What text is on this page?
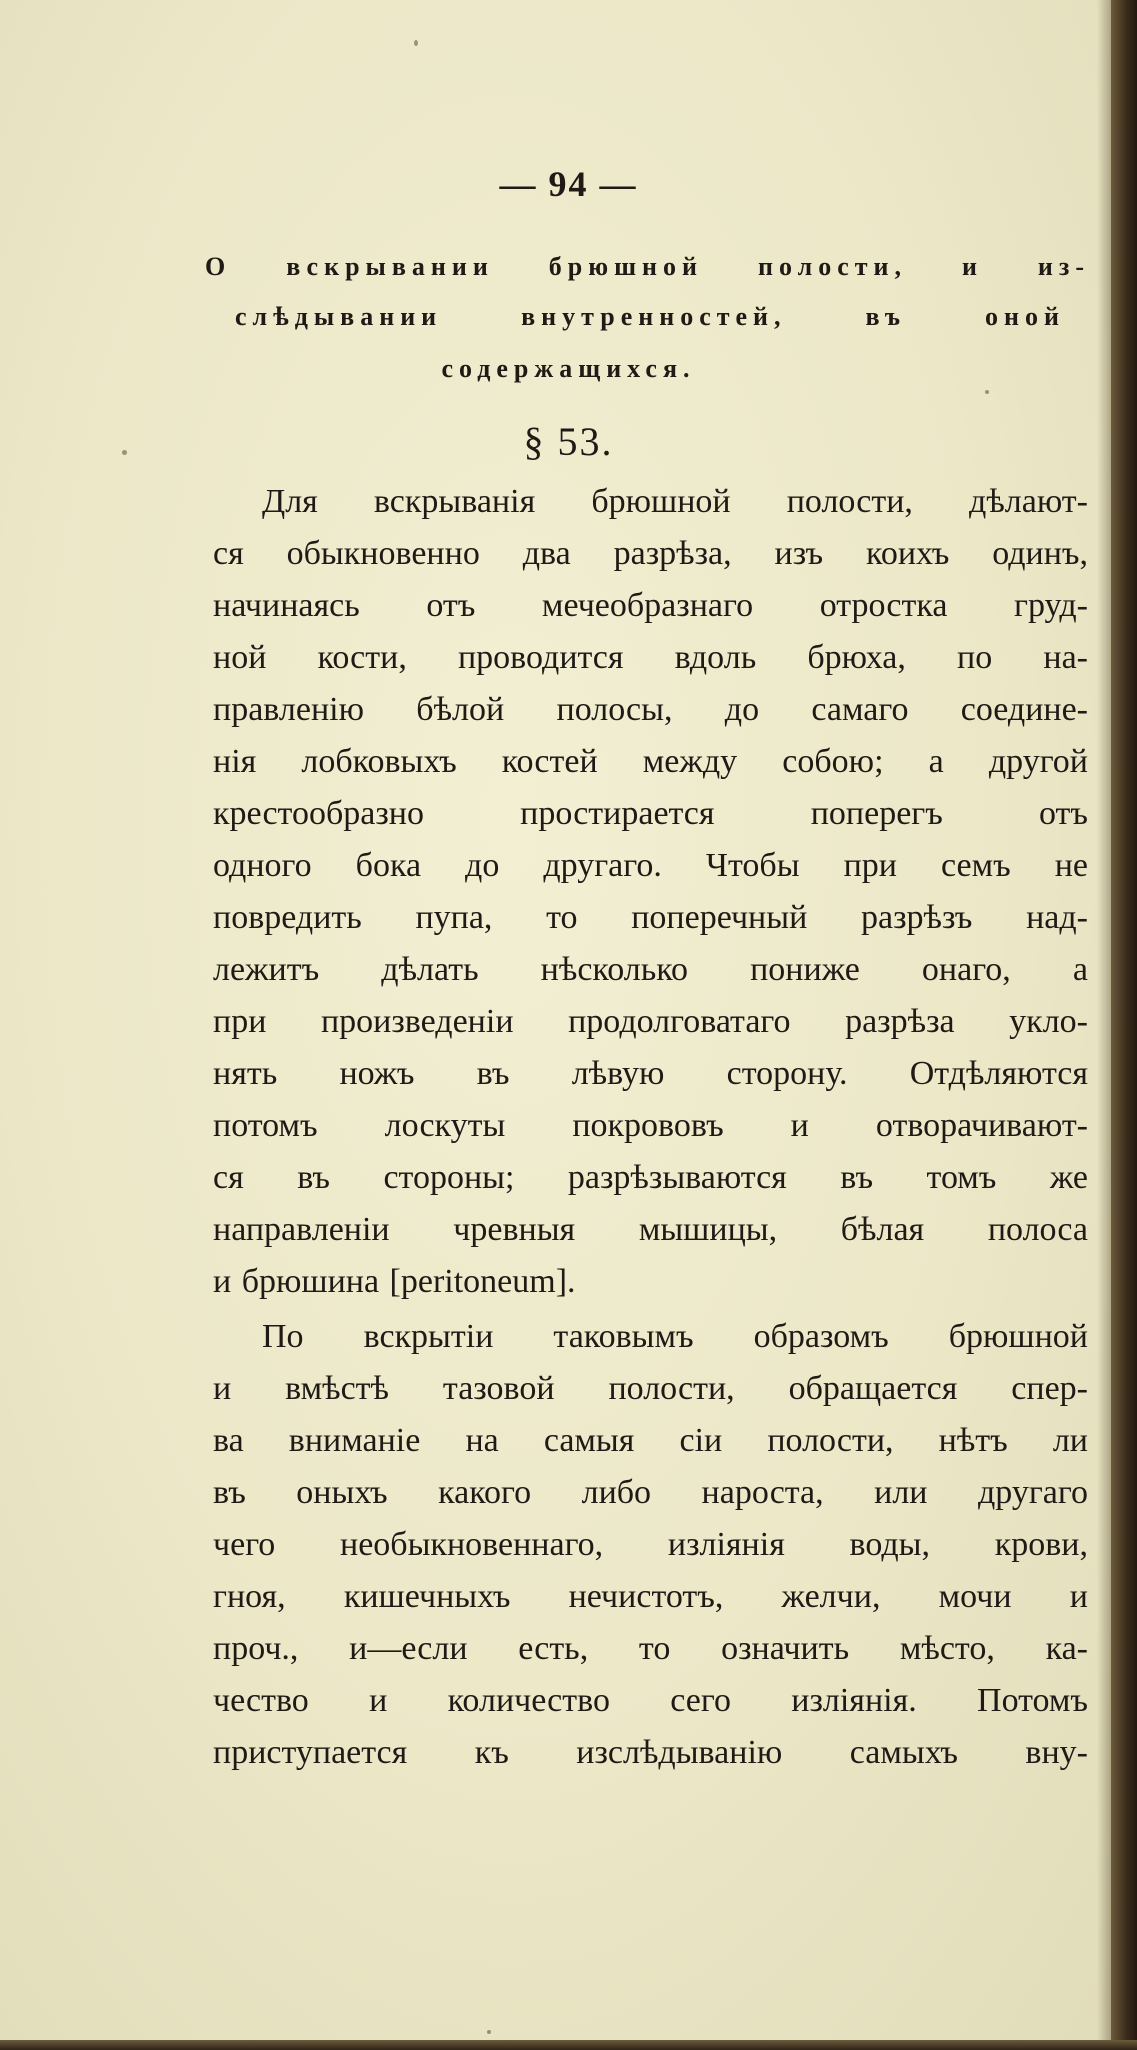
— 94 —
О вскрывании брюшной полости, и из-
слѣдывании внутренностей, въ оной
содержащихся.
§ 53.
Для вскрыванія брюшной полости, дѣлают-
ся обыкновенно два разрѣза, изъ коихъ одинъ,
начинаясь отъ мечеобразнаго отростка груд-
ной кости, проводится вдоль брюха, по на-
правленію бѣлой полосы, до самаго соедине-
нія лобковыхъ костей между собою; а другой
крестообразно простирается поперегъ отъ
одного бока до другаго. Чтобы при семъ не
повредить пупа, то поперечный разрѣзъ над-
лежитъ дѣлать нѣсколько пониже онаго, а
при произведеніи продолговатаго разрѣза укло-
нять ножъ въ лѣвую сторону. Отдѣляются
потомъ лоскуты покрововъ и отворачивают-
ся въ стороны; разрѣзываются въ томъ же
направленіи чревныя мышицы, бѣлая полоса
и брюшина [peritoneum].
По вскрытіи таковымъ образомъ брюшной
и вмѣстѣ тазовой полости, обращается спер-
ва вниманіе на самыя сіи полости, нѣтъ ли
въ оныхъ какого либо нароста, или другаго
чего необыкновеннаго, изліянія воды, крови,
гноя, кишечныхъ нечистотъ, желчи, мочи и
проч., и—если есть, то означить мѣсто, ка-
чество и количество сего изліянія. Потомъ
приступается къ изслѣдыванію самыхъ вну-
